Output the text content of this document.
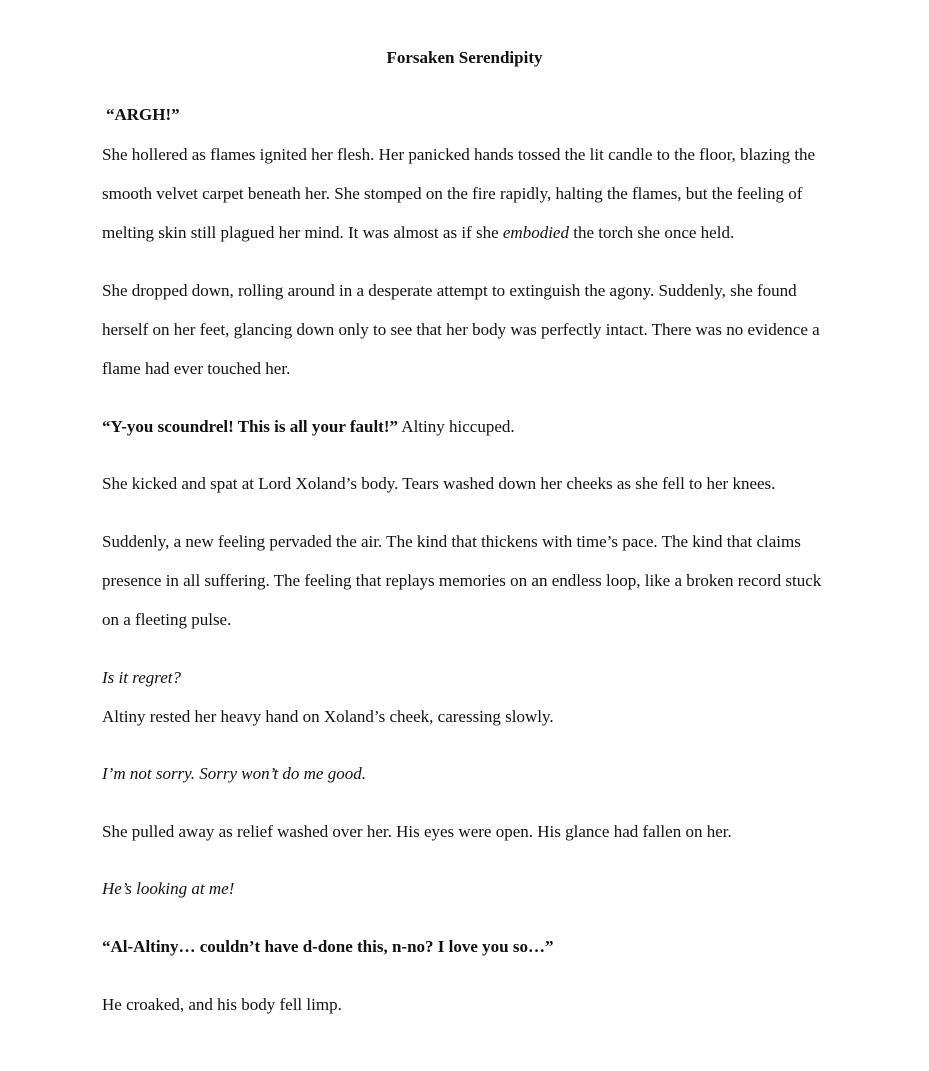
Forsaken Serendipity

“ARGH!”

She hollered as flames ignited her flesh. Her panicked hands tossed the lit candle to the floor, blazing the smooth velvet carpet beneath her. She stomped on the fire rapidly, halting the flames, but the feeling of melting skin still plagued her mind. It was almost as if she embodied the torch she once held.

She dropped down, rolling around in a desperate attempt to extinguish the agony. Suddenly, she found herself on her feet, glancing down only to see that her body was perfectly intact. There was no evidence a flame had ever touched her.

“Y-you scoundrel! This is all your fault!” Altiny hiccuped.

She kicked and spat at Lord Xoland’s body. Tears washed down her cheeks as she fell to her knees.

Suddenly, a new feeling pervaded the air. The kind that thickens with time’s pace. The kind that claims presence in all suffering. The feeling that replays memories on an endless loop, like a broken record stuck on a fleeting pulse.

Is it regret?

Altiny rested her heavy hand on Xoland’s cheek, caressing slowly.

I’m not sorry. Sorry won’t do me good.

She pulled away as relief washed over her. His eyes were open. His glance had fallen on her.

He’s looking at me!

“Al-Altiny… couldn’t have d-done this, n-no? I love you so…”

He croaked, and his body fell limp.
